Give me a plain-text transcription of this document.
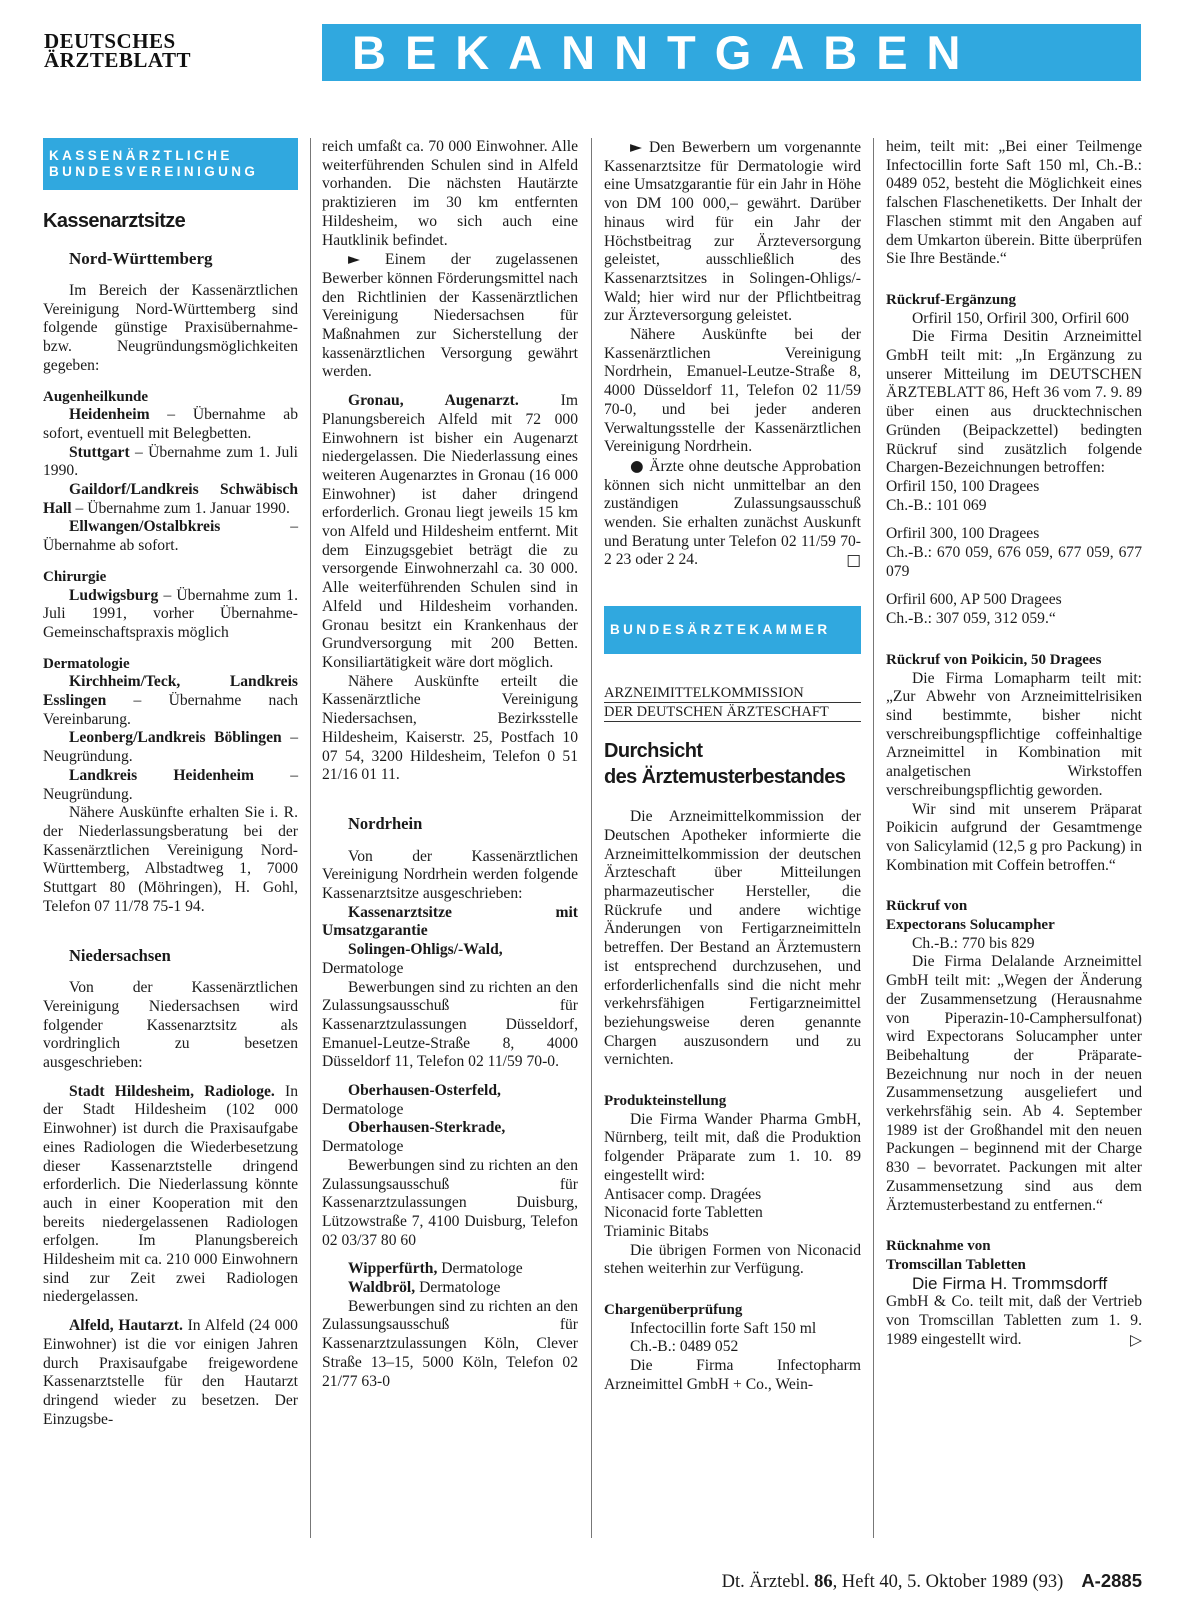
DEUTSCHES
ÄRZTEBLATT	BEKANNTGABEN
KASSENÄRZTLICHE
BUNDESVEREINIGUNG
Kassenarztsitze
Nord-Württemberg

Im Bereich der Kassenärztlichen Vereinigung Nord-Württemberg sind folgende günstige Praxisübernahme- bzw. Neugründungsmöglichkeiten gegeben:

Augenheilkunde

Heidenheim – Übernahme ab sofort, eventuell mit Belegbetten.

Stuttgart – Übernahme zum 1. Juli 1990.

Gaildorf/Landkreis Schwäbisch Hall – Übernahme zum 1. Januar 1990.

Ellwangen/Ostalbkreis – Übernahme ab sofort.

Chirurgie

Ludwigsburg – Übernahme zum 1. Juli 1991, vorher Übernahme-Gemeinschaftspraxis möglich

Dermatologie

Kirchheim/Teck, Landkreis Esslingen – Übernahme nach Vereinbarung.

Leonberg/Landkreis Böblingen – Neugründung.

Landkreis Heidenheim – Neugründung.

Nähere Auskünfte erhalten Sie i. R. der Niederlassungsberatung bei der Kassenärztlichen Vereinigung Nord-Württemberg, Albstadtweg 1, 7000 Stuttgart 80 (Möhringen), H. Gohl, Telefon 07 11/78 75-1 94.

Niedersachsen

Von der Kassenärztlichen Vereinigung Niedersachsen wird folgender Kassenarztsitz als vordringlich zu besetzen ausgeschrieben:

Stadt Hildesheim, Radiologe. In der Stadt Hildesheim (102 000 Einwohner) ist durch die Praxisaufgabe eines Radiologen die Wiederbesetzung dieser Kassenarztstelle dringend erforderlich. Die Niederlassung könnte auch in einer Kooperation mit den bereits niedergelassenen Radiologen erfolgen. Im Planungsbereich Hildesheim mit ca. 210 000 Einwohnern sind zur Zeit zwei Radiologen niedergelassen.

Alfeld, Hautarzt. In Alfeld (24 000 Einwohner) ist die vor einigen Jahren durch Praxisaufgabe freigewordene Kassenarztstelle für den Hautarzt dringend wieder zu besetzen. Der Einzugsbe-

reich umfaßt ca. 70 000 Einwohner. Alle weiterführenden Schulen sind in Alfeld vorhanden. Die nächsten Hautärzte praktizieren im 30 km entfernten Hildesheim, wo sich auch eine Hautklinik befindet.

► Einem der zugelassenen Bewerber können Förderungsmittel nach den Richtlinien der Kassenärztlichen Vereinigung Niedersachsen für Maßnahmen zur Sicherstellung der kassenärztlichen Versorgung gewährt werden.

Gronau, Augenarzt. Im Planungsbereich Alfeld mit 72 000 Einwohnern ist bisher ein Augenarzt niedergelassen. Die Niederlassung eines weiteren Augenarztes in Gronau (16 000 Einwohner) ist daher dringend erforderlich. Gronau liegt jeweils 15 km von Alfeld und Hildesheim entfernt. Mit dem Einzugsgebiet beträgt die zu versorgende Einwohnerzahl ca. 30 000. Alle weiterführenden Schulen sind in Alfeld und Hildesheim vorhanden. Gronau besitzt ein Krankenhaus der Grundversorgung mit 200 Betten. Konsiliartätigkeit wäre dort möglich.

Nähere Auskünfte erteilt die Kassenärztliche Vereinigung Niedersachsen, Bezirksstelle Hildesheim, Kaiserstr. 25, Postfach 10 07 54, 3200 Hildesheim, Telefon 0 51 21/16 01 11.

Nordrhein

Von der Kassenärztlichen Vereinigung Nordrhein werden folgende Kassenarztsitze ausgeschrieben:

Kassenarztsitze mit Umsatzgarantie

Solingen-Ohligs/-Wald, Dermatologe

Bewerbungen sind zu richten an den Zulassungsausschuß für Kassenarztzulassungen Düsseldorf, Emanuel-Leutze-Straße 8, 4000 Düsseldorf 11, Telefon 02 11/59 70-0.

Oberhausen-Osterfeld, Dermatologe

Oberhausen-Sterkrade, Dermatologe

Bewerbungen sind zu richten an den Zulassungsausschuß für Kassenarztzulassungen Duisburg, Lützowstraße 7, 4100 Duisburg, Telefon 02 03/37 80 60

Wipperfürth, Dermatologe

Waldbröl, Dermatologe

Bewerbungen sind zu richten an den Zulassungsausschuß für Kassenarztzulassungen Köln, Clever Straße 13–15, 5000 Köln, Telefon 02 21/77 63-0

► Den Bewerbern um vorgenannte Kassenarztsitze für Dermatologie wird eine Umsatzgarantie für ein Jahr in Höhe von DM 100 000,– gewährt. Darüber hinaus wird für ein Jahr der Höchstbeitrag zur Ärzteversorgung geleistet, ausschließlich des Kassenarztsitzes in Solingen-Ohligs/-Wald; hier wird nur der Pflichtbeitrag zur Ärzteversorgung geleistet.

Nähere Auskünfte bei der Kassenärztlichen Vereinigung Nordrhein, Emanuel-Leutze-Straße 8, 4000 Düsseldorf 11, Telefon 02 11/59 70-0, und bei jeder anderen Verwaltungsstelle der Kassenärztlichen Vereinigung Nordrhein.

● Ärzte ohne deutsche Approbation können sich nicht unmittelbar an den zuständigen Zulassungsausschuß wenden. Sie erhalten zunächst Auskunft und Beratung unter Telefon 02 11/59 70-2 23 oder 2 24.	□

BUNDESÄRZTEKAMMER
ARZNEIMITTELKOMMISSION
DER DEUTSCHEN ÄRZTESCHAFT
Durchsicht
des Ärztemusterbestandes

Die Arzneimittelkommission der Deutschen Apotheker informierte die Arzneimittelkommission der deutschen Ärzteschaft über Mitteilungen pharmazeutischer Hersteller, die Rückrufe und andere wichtige Änderungen von Fertigarzneimitteln betreffen. Der Bestand an Ärztemustern ist entsprechend durchzusehen, und erforderlichenfalls sind die nicht mehr verkehrsfähigen Fertigarzneimittel beziehungsweise deren genannte Chargen auszusondern und zu vernichten.

Produkteinstellung

Die Firma Wander Pharma GmbH, Nürnberg, teilt mit, daß die Produktion folgender Präparate zum 1. 10. 89 eingestellt wird:

Antisacer comp. Dragées

Niconacid forte Tabletten

Triaminic Bitabs

Die übrigen Formen von Niconacid stehen weiterhin zur Verfügung.

Chargenüberprüfung

Infectocillin forte Saft 150 ml

Ch.-B.: 0489 052

Die Firma Infectopharm Arzneimittel GmbH + Co., Wein-

heim, teilt mit: „Bei einer Teilmenge Infectocillin forte Saft 150 ml, Ch.-B.: 0489 052, besteht die Möglichkeit eines falschen Flaschenetiketts. Der Inhalt der Flaschen stimmt mit den Angaben auf dem Umkarton überein. Bitte überprüfen Sie Ihre Bestände.“

Rückruf-Ergänzung

Orfiril 150, Orfiril 300, Orfiril 600

Die Firma Desitin Arzneimittel GmbH teilt mit: „In Ergänzung zu unserer Mitteilung im DEUTSCHEN ÄRZTEBLATT 86, Heft 36 vom 7. 9. 89 über einen aus drucktechnischen Gründen (Beipackzettel) bedingten Rückruf sind zusätzlich folgende Chargen-Bezeichnungen betroffen:

Orfiril 150, 100 Dragees

Ch.-B.: 101 069

Orfiril 300, 100 Dragees

Ch.-B.: 670 059, 676 059, 677 059, 677 079

Orfiril 600, AP 500 Dragees

Ch.-B.: 307 059, 312 059.“

Rückruf von Poikicin, 50 Dragees

Die Firma Lomapharm teilt mit: „Zur Abwehr von Arzneimittelrisiken sind bestimmte, bisher nicht verschreibungspflichtige coffeinhaltige Arzneimittel in Kombination mit analgetischen Wirkstoffen verschreibungspflichtig geworden.

Wir sind mit unserem Präparat Poikicin aufgrund der Gesamtmenge von Salicylamid (12,5 g pro Packung) in Kombination mit Coffein betroffen.“

Rückruf von
Expectorans Solucampher

Ch.-B.: 770 bis 829

Die Firma Delalande Arzneimittel GmbH teilt mit: „Wegen der Änderung der Zusammensetzung (Herausnahme von Piperazin-10-Camphersulfonat) wird Expectorans Solucampher unter Beibehaltung der Präparate-Bezeichnung nur noch in der neuen Zusammensetzung ausgeliefert und verkehrsfähig sein. Ab 4. September 1989 ist der Großhandel mit den neuen Packungen – beginnend mit der Charge 830 – bevorratet. Packungen mit alter Zusammensetzung sind aus dem Ärztemusterbestand zu entfernen.“

Rücknahme von
Tromscillan Tabletten

Die Firma H. Trommsdorff

GmbH & Co. teilt mit, daß der Vertrieb von Tromscillan Tabletten zum 1. 9. 1989 eingestellt wird.	▷

Dt. Ärztebl. 86, Heft 40, 5. Oktober 1989 (93) A-2885
